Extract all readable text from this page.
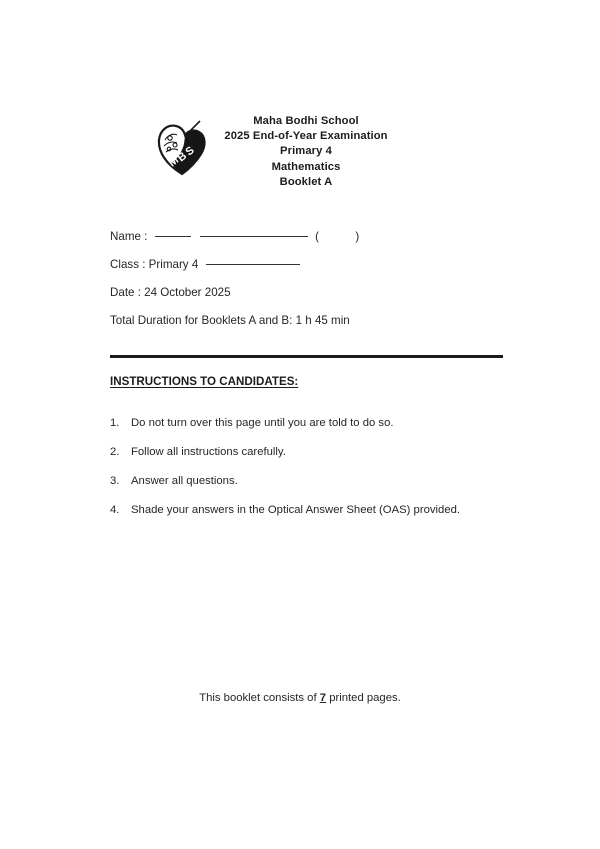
M
B
S
Maha Bodhi School
2025 End-of-Year Examination
Primary 4
Mathematics
Booklet A
Name :	(	)
Class : Primary 4
Date : 24 October 2025
Total Duration for Booklets A and B: 1 h 45 min
INSTRUCTIONS TO CANDIDATES:
1.	Do not turn over this page until you are told to do so.
2.	Follow all instructions carefully.
3.	Answer all questions.
4.	Shade your answers in the Optical Answer Sheet (OAS) provided.
This booklet consists of 7 printed pages.
